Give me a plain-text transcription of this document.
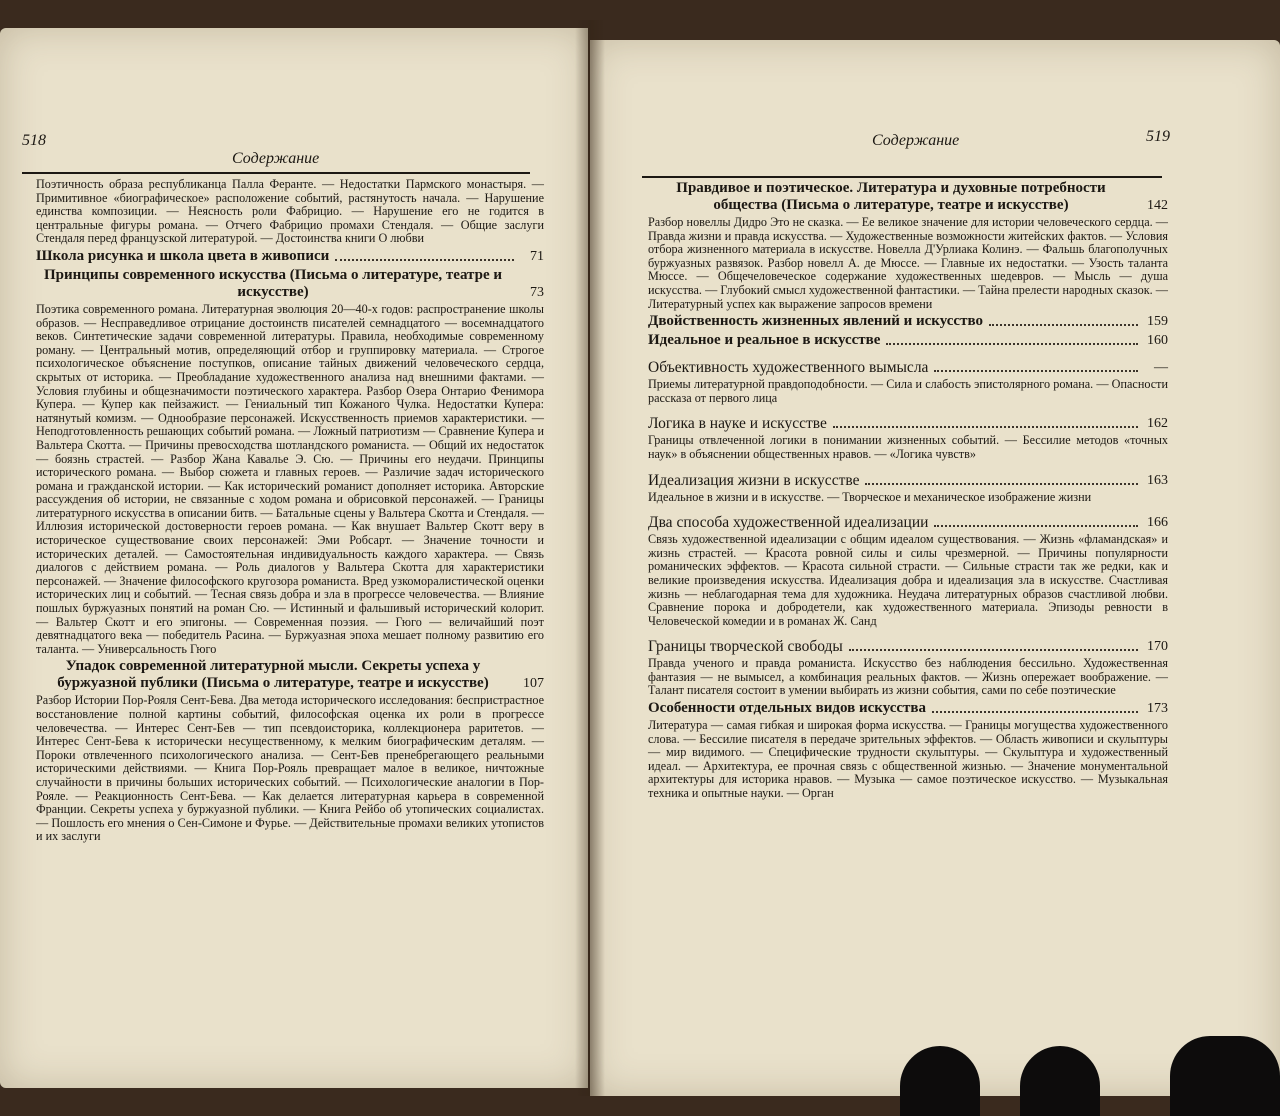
518
Содержание

Поэтичность образа республиканца Палла Феранте. — Недостатки Пармского монастыря. — Примитивное «биографическое» расположение событий, растянутость начала. — Нарушение единства композиции. — Неясность роли Фабрицио. — Нарушение его не годится в центральные фигуры романа. — Отчего Фабрицио промахи Стендаля. — Общие заслуги Стендаля перед французской литературой. — Достоинства книги О любви

Школа рисунка и школа цвета в живописи	71
Принципы современного искусства (Письма о литературе, театре и искусстве)	73

Поэтика современного романа. Литературная эволюция 20—40-х годов: распространение школы образов. — Несправедливое отрицание достоинств писателей семнадцатого — восемнадцатого веков. Синтетические задачи современной литературы. Правила, необходимые современному роману. — Центральный мотив, определяющий отбор и группировку материала. — Строгое психологическое объяснение поступков, описание тайных движений человеческого сердца, скрытых от историка. — Преобладание художественного анализа над внешними фактами. — Условия глубины и общезначимости поэтического характера. Разбор Озера Онтарио Фенимора Купера. — Купер как пейзажист. — Гениальный тип Кожаного Чулка. Недостатки Купера: натянутый комизм. — Однообразие персонажей. Искусственность приемов характеристики. — Неподготовленность решающих событий романа. — Ложный патриотизм — Сравнение Купера и Вальтера Скотта. — Причины превосходства шотландского романиста. — Общий их недостаток — боязнь страстей. — Разбор Жана Кавалье Э. Сю. — Причины его неудачи. Принципы исторического романа. — Выбор сюжета и главных героев. — Различие задач исторического романа и гражданской истории. — Как исторический романист дополняет историка. Авторские рассуждения об истории, не связанные с ходом романа и обрисовкой персонажей. — Границы литературного искусства в описании битв. — Батальные сцены у Вальтера Скотта и Стендаля. — Иллюзия исторической достоверности героев романа. — Как внушает Вальтер Скотт веру в историческое существование своих персонажей: Эми Робсарт. — Значение точности и исторических деталей. — Самостоятельная индивидуальность каждого характера. — Связь диалогов с действием романа. — Роль диалогов у Вальтера Скотта для характеристики персонажей. — Значение философского кругозора романиста. Вред узкоморалистической оценки исторических лиц и событий. — Тесная связь добра и зла в прогрессе человечества. — Влияние пошлых буржуазных понятий на роман Сю. — Истинный и фальшивый исторический колорит. — Вальтер Скотт и его эпигоны. — Современная поэзия. — Гюго — величайший поэт девятнадцатого века — победитель Расина. — Буржуазная эпоха мешает полному развитию его таланта. — Универсальность Гюго

Упадок современной литературной мысли. Секреты успеха у буржуазной публики (Письма о литературе, театре и искусстве)	107

Разбор Истории Пор-Рояля Сент-Бева. Два метода исторического исследования: беспристрастное восстановление полной картины событий, философская оценка их роли в прогрессе человечества. — Интерес Сент-Бев — тип псевдоисторика, коллекционера раритетов. — Интерес Сент-Бева к исторически несущественному, к мелким биографическим деталям. — Пороки отвлеченного психологического анализа. — Сент-Бев пренебрегающего реальными историческими действиями. — Книга Пор-Рояль превращает малое в великое, ничтожные случайности в причины больших исторических событий. — Психологические аналогии в Пор-Рояле. — Реакционность Сент-Бева. — Как делается литературная карьера в современной Франции. Секреты успеха у буржуазной публики. — Книга Рейбо об утопических социалистах. — Пошлость его мнения о Сен-Симоне и Фурье. — Действительные промахи великих утопистов и их заслуги

Содержание	519
Правдивое и поэтическое. Литература и духовные потребности общества (Письма о литературе, театре и искусстве)	142

Разбор новеллы Дидро Это не сказка. — Ее великое значение для истории человеческого сердца. — Правда жизни и правда искусства. — Художественные возможности житейских фактов. — Условия отбора жизненного материала в искусстве. Новелла Д'Урлиака Колинэ. — Фальшь благополучных буржуазных развязок. Разбор новелл А. де Мюссе. — Главные их недостатки. — Узость таланта Мюссе. — Общечеловеческое содержание художественных шедевров. — Мысль — душа искусства. — Глубокий смысл художественной фантастики. — Тайна прелести народных сказок. — Литературный успех как выражение запросов времени

Двойственность жизненных явлений и искусство	159
Идеальное и реальное в искусстве	160
Объективность художественного вымысла	—

Приемы литературной правдоподобности. — Сила и слабость эпистолярного романа. — Опасности рассказа от первого лица

Логика в науке и искусстве	162

Границы отвлеченной логики в понимании жизненных событий. — Бессилие методов «точных наук» в объяснении общественных нравов. — «Логика чувств»

Идеализация жизни в искусстве	163

Идеальное в жизни и в искусстве. — Творческое и механическое изображение жизни

Два способа художественной идеализации	166

Связь художественной идеализации с общим идеалом существования. — Жизнь «фламандская» и жизнь страстей. — Красота ровной силы и силы чрезмерной. — Причины популярности романических эффектов. — Красота сильной страсти. — Сильные страсти так же редки, как и великие произведения искусства. Идеализация добра и идеализация зла в искусстве. Счастливая жизнь — неблагодарная тема для художника. Неудача литературных образов счастливой любви. Сравнение порока и добродетели, как художественного материала. Эпизоды ревности в Человеческой комедии и в романах Ж. Санд

Границы творческой свободы	170

Правда ученого и правда романиста. Искусство без наблюдения бессильно. Художественная фантазия — не вымысел, а комбинация реальных фактов. — Жизнь опережает воображение. — Талант писателя состоит в умении выбирать из жизни события, сами по себе поэтические

Особенности отдельных видов искусства	173

Литература — самая гибкая и широкая форма искусства. — Границы могущества художественного слова. — Бессилие писателя в передаче зрительных эффектов. — Область живописи и скульптуры — мир видимого. — Специфические трудности скульптуры. — Скульптура и художественный идеал. — Архитектура, ее прочная связь с общественной жизнью. — Значение монументальной архитектуры для историка нравов. — Музыка — самое поэтическое искусство. — Музыкальная техника и опытные науки. — Орган
